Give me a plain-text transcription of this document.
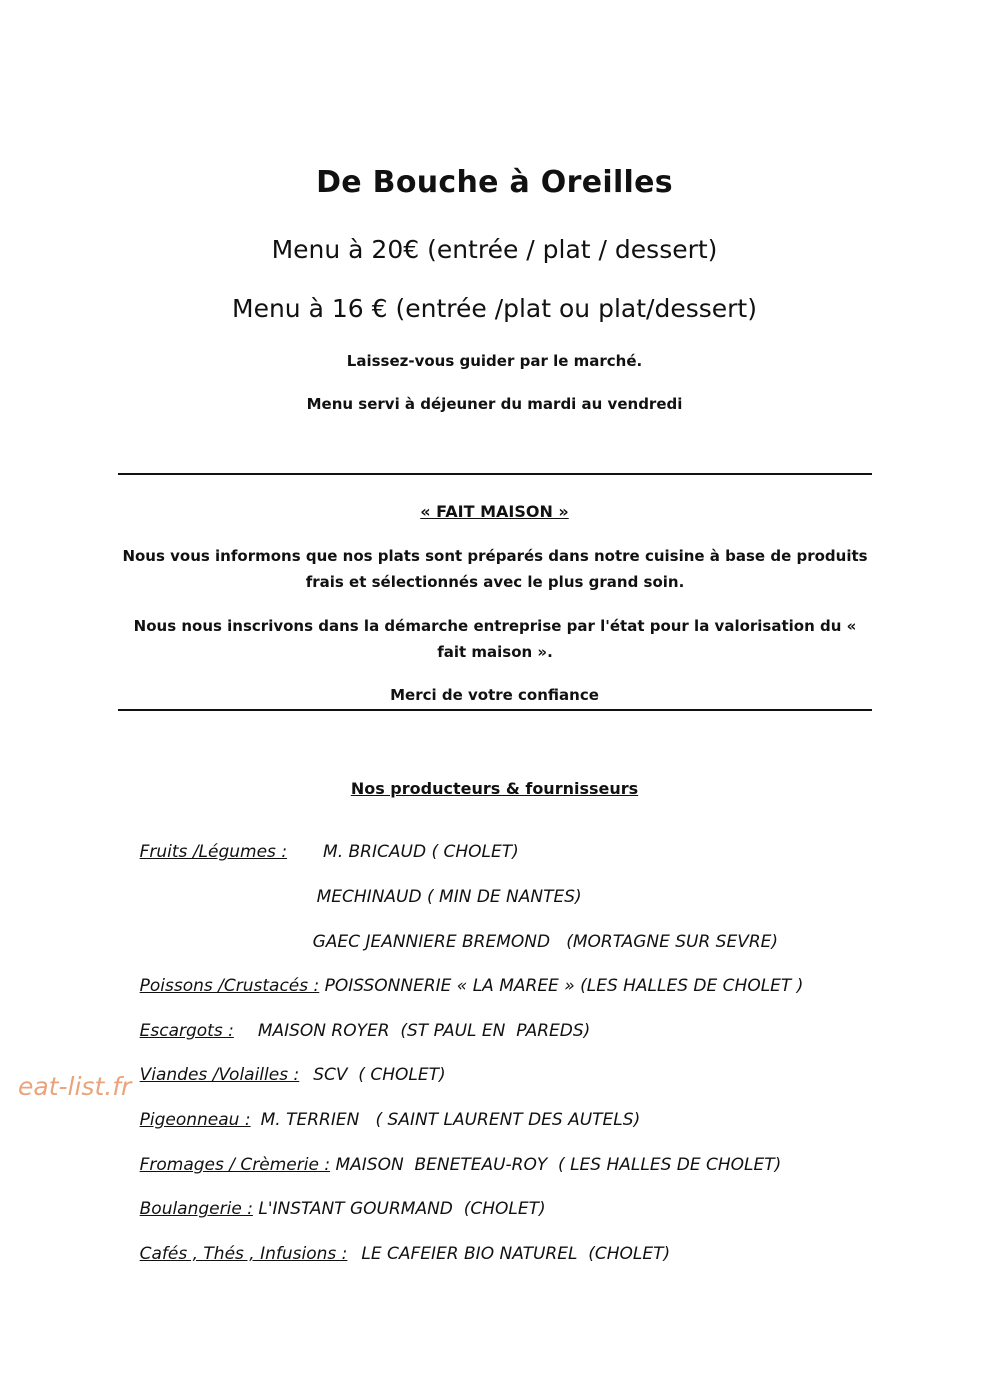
De Bouche à Oreilles
Menu à 20€ (entrée / plat / dessert)
Menu à 16 € (entrée /plat ou plat/dessert)
Laissez-vous guider par le marché.
Menu servi à déjeuner du mardi au vendredi
« FAIT MAISON »
Nous vous informons que nos plats sont préparés dans notre cuisine à base de produits frais et sélectionnés avec le plus grand soin.
Nous nous inscrivons dans la démarche entreprise par l'état pour la valorisation du « fait maison ».
Merci de votre confiance
Nos producteurs & fournisseurs

Fruits /Légumes : M. BRICAUD ( CHOLET)

MECHINAUD ( MIN DE NANTES)

GAEC JEANNIERE BREMOND   (MORTAGNE SUR SEVRE)

Poissons /Crustacés : POISSONNERIE « LA MAREE » (LES HALLES DE CHOLET )

Escargots : MAISON ROYER  (ST PAUL EN  PAREDS)

Viandes /Volailles : SCV  ( CHOLET)

Pigeonneau : M. TERRIEN   ( SAINT LAURENT DES AUTELS)

Fromages / Crèmerie : MAISON  BENETEAU-ROY  ( LES HALLES DE CHOLET)

Boulangerie : L'INSTANT GOURMAND  (CHOLET)

Cafés , Thés , Infusions : LE CAFEIER BIO NATUREL  (CHOLET)

eat-list.fr
